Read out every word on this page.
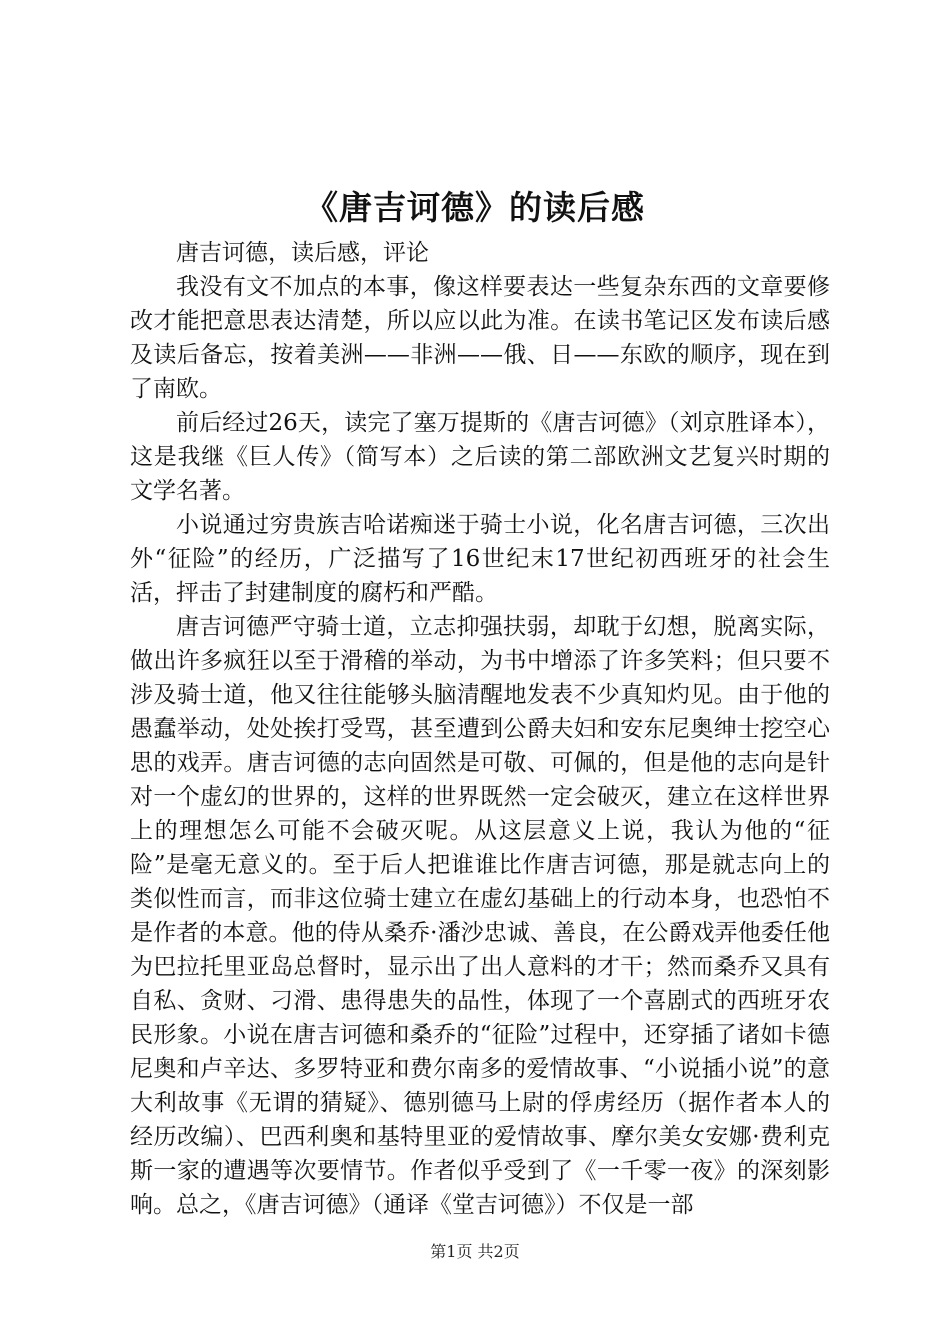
《唐吉诃德》的读后感

唐吉诃德，读后感，评论

我没有文不加点的本事，像这样要表达一些复杂东西的文章要修改才能把意思表达清楚，所以应以此为准。在读书笔记区发布读后感及读后备忘，按着美洲——非洲——俄、日——东欧的顺序，现在到了南欧。

前后经过26天，读完了塞万提斯的《唐吉诃德》（刘京胜译本），这是我继《巨人传》（简写本）之后读的第二部欧洲文艺复兴时期的文学名著。

小说通过穷贵族吉哈诺痴迷于骑士小说，化名唐吉诃德，三次出外“征险”的经历，广泛描写了16世纪末17世纪初西班牙的社会生活，抨击了封建制度的腐朽和严酷。

唐吉诃德严守骑士道，立志抑强扶弱，却耽于幻想，脱离实际，做出许多疯狂以至于滑稽的举动，为书中增添了许多笑料；但只要不涉及骑士道，他又往往能够头脑清醒地发表不少真知灼见。由于他的愚蠢举动，处处挨打受骂，甚至遭到公爵夫妇和安东尼奥绅士挖空心思的戏弄。唐吉诃德的志向固然是可敬、可佩的，但是他的志向是针对一个虚幻的世界的，这样的世界既然一定会破灭，建立在这样世界上的理想怎么可能不会破灭呢。从这层意义上说，我认为他的“征险”是毫无意义的。至于后人把谁谁比作唐吉诃德，那是就志向上的类似性而言，而非这位骑士建立在虚幻基础上的行动本身，也恐怕不是作者的本意。他的侍从桑乔·潘沙忠诚、善良，在公爵戏弄他委任他为巴拉托里亚岛总督时，显示出了出人意料的才干；然而桑乔又具有自私、贪财、刁滑、患得患失的品性，体现了一个喜剧式的西班牙农民形象。小说在唐吉诃德和桑乔的“征险”过程中，还穿插了诸如卡德尼奥和卢辛达、多罗特亚和费尔南多的爱情故事、“小说插小说”的意大利故事《无谓的猜疑》、德别德马上尉的俘虏经历（据作者本人的经历改编）、巴西利奥和基特里亚的爱情故事、摩尔美女安娜·费利克斯一家的遭遇等次要情节。作者似乎受到了《一千零一夜》的深刻影响。总之，《唐吉诃德》（通译《堂吉诃德》）不仅是一部

第1页 共2页
